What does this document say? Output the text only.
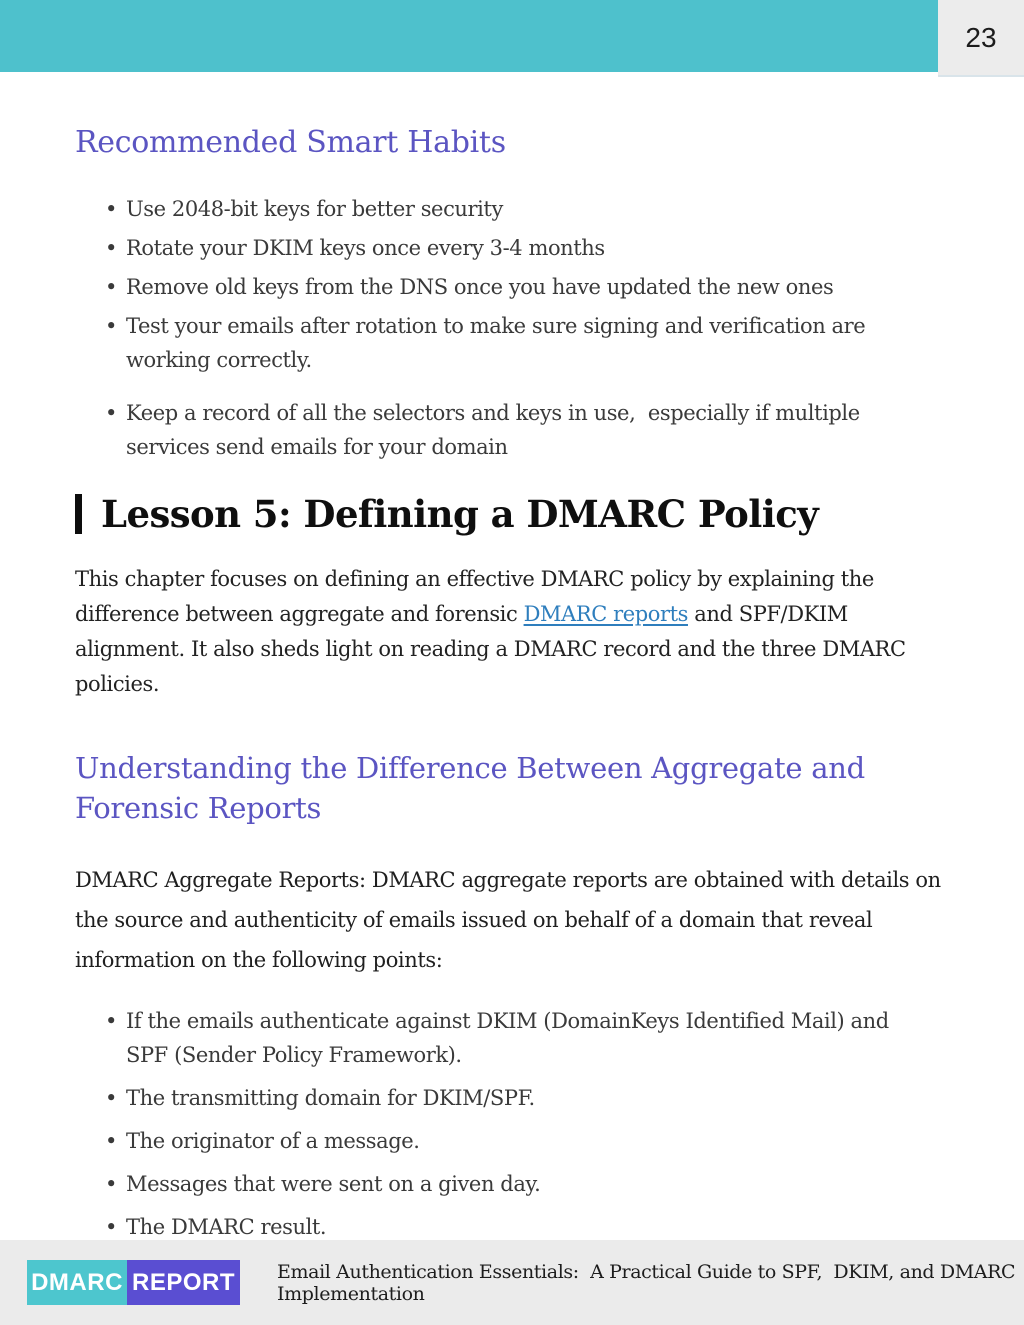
23
Recommended Smart Habits
• Use 2048-bit keys for better security
• Rotate your DKIM keys once every 3-4 months
• Remove old keys from the DNS once you have updated the new ones
• Test your emails after rotation to make sure signing and verification are working correctly.
• Keep a record of all the selectors and keys in use,  especially if multiple services send emails for your domain
Lesson 5: Defining a DMARC Policy

This chapter focuses on defining an effective DMARC policy by explaining the difference between aggregate and forensic DMARC reports and SPF/DKIM alignment. It also sheds light on reading a DMARC record and the three DMARC policies.

Understanding the Difference Between Aggregate and Forensic Reports

DMARC Aggregate Reports: DMARC aggregate reports are obtained with details on the source and authenticity of emails issued on behalf of a domain that reveal information on the following points:

• If the emails authenticate against DKIM (DomainKeys Identified Mail) and SPF (Sender Policy Framework).
• The transmitting domain for DKIM/SPF.
• The originator of a message.
• Messages that were sent on a given day.
• The DMARC result.
DMARC REPORT Email Authentication Essentials:  A Practical Guide to SPF,  DKIM, and DMARC Implementation
